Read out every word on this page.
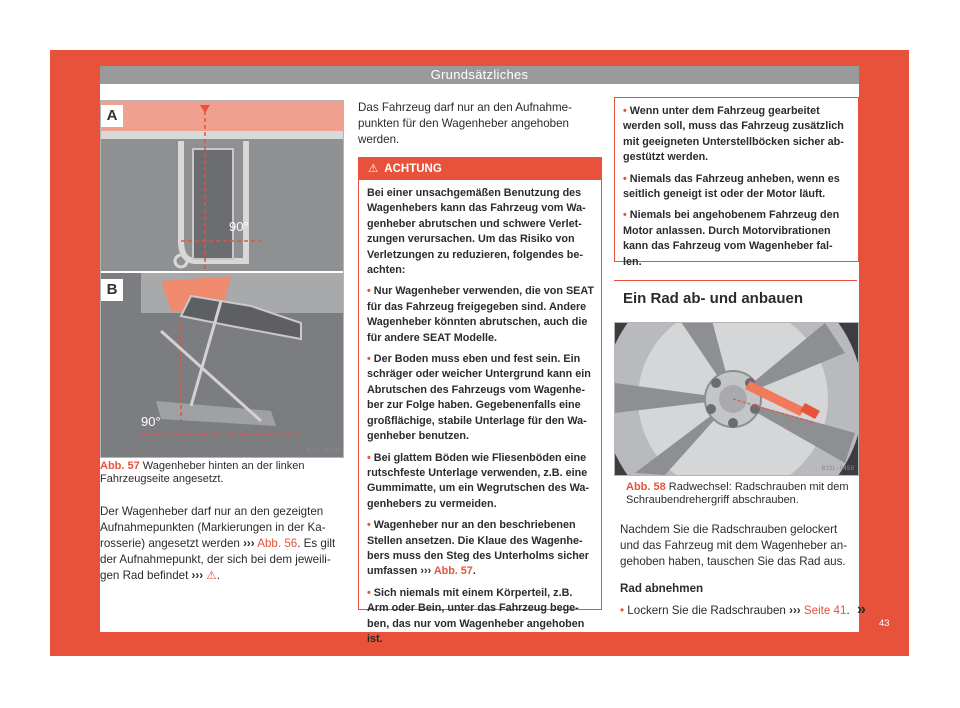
Grundsätzliches
90°
90°
A
B
B1SL-0478
Abb. 57 Wagenheber hinten an der linken Fahrzeugseite angesetzt.
Der Wagenheber darf nur an den gezeigten Aufnahmepunkten (Markierungen in der Ka-rosserie) angesetzt werden ››› Abb. 56. Es gilt der Aufnahmepunkt, der sich bei dem jeweili-gen Rad befindet ››› ⚠.
Das Fahrzeug darf nur an den Aufnahme-punkten für den Wagenheber angehoben werden.
⚠ ACHTUNG

Bei einer unsachgemäßen Benutzung des Wagenhebers kann das Fahrzeug vom Wa-genheber abrutschen und schwere Verlet-zungen verursachen. Um das Risiko von Verletzungen zu reduzieren, folgendes be-achten:

• Nur Wagenheber verwenden, die von SEAT für das Fahrzeug freigegeben sind. Andere Wagenheber könnten abrutschen, auch die für andere SEAT Modelle.

• Der Boden muss eben und fest sein. Ein schräger oder weicher Untergrund kann ein Abrutschen des Fahrzeugs vom Wagenhe-ber zur Folge haben. Gegebenenfalls eine großflächige, stabile Unterlage für den Wa-genheber benutzen.

• Bei glattem Böden wie Fliesenböden eine rutschfeste Unterlage verwenden, z.B. eine Gummimatte, um ein Wegrutschen des Wa-genhebers zu vermeiden.

• Wagenheber nur an den beschriebenen Stellen ansetzen. Die Klaue des Wagenhe-bers muss den Steg des Unterholms sicher umfassen ››› Abb. 57.

• Sich niemals mit einem Körperteil, z.B. Arm oder Bein, unter das Fahrzeug bege-ben, das nur vom Wagenheber angehoben ist.

• Wenn unter dem Fahrzeug gearbeitet werden soll, muss das Fahrzeug zusätzlich mit geeigneten Unterstellböcken sicher ab-gestützt werden.

• Niemals das Fahrzeug anheben, wenn es seitlich geneigt ist oder der Motor läuft.

• Niemals bei angehobenem Fahrzeug den Motor anlassen. Durch Motorvibrationen kann das Fahrzeug vom Wagenheber fal-len.

Ein Rad ab- und anbauen
B1SL-0459
Abb. 58 Radwechsel: Radschrauben mit dem Schraubendrehergriff abschrauben.
Nachdem Sie die Radschrauben gelockert und das Fahrzeug mit dem Wagenheber an-gehoben haben, tauschen Sie das Rad aus.
Rad abnehmen
• Lockern Sie die Radschrauben ››› Seite 41. »
43
